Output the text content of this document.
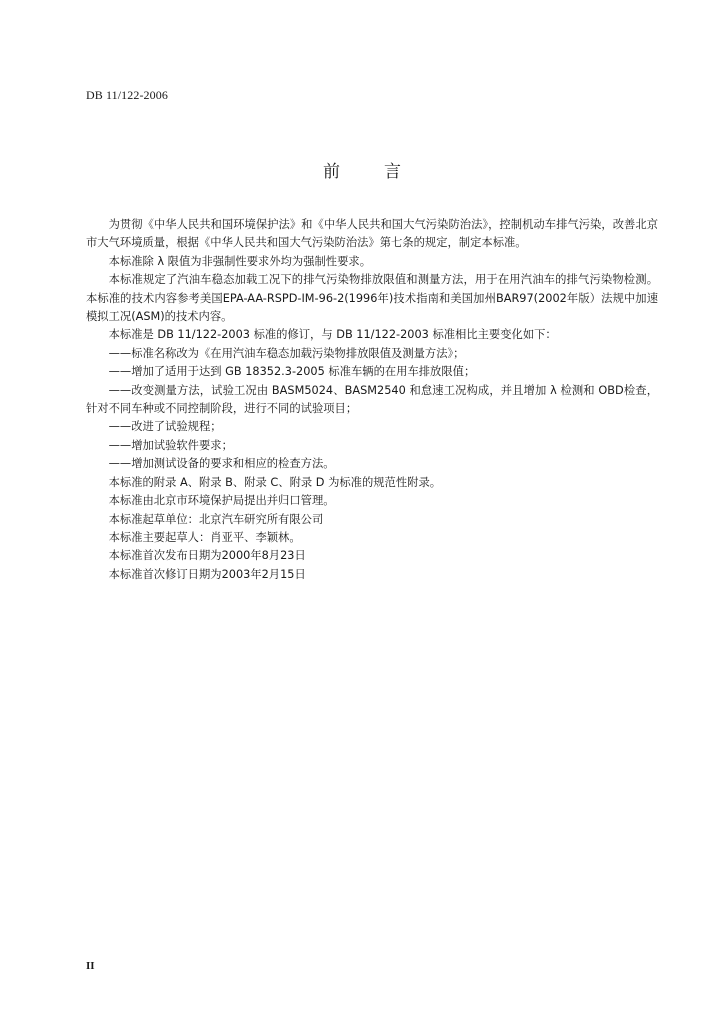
DB 11/122-2006
前	言

为贯彻《中华人民共和国环境保护法》和《中华人民共和国大气污染防治法》，控制机动车排气污染，改善北京市大气环境质量，根据《中华人民共和国大气污染防治法》第七条的规定，制定本标准。

本标准除 λ 限值为非强制性要求外均为强制性要求。

本标准规定了汽油车稳态加载工况下的排气污染物排放限值和测量方法，用于在用汽油车的排气污染物检测。本标准的技术内容参考美国EPA-AA-RSPD-IM-96-2(1996年)技术指南和美国加州BAR97(2002年版）法规中加速模拟工况(ASM)的技术内容。

本标准是 DB 11/122-2003 标准的修订，与 DB 11/122-2003 标准相比主要变化如下：

——标准名称改为《在用汽油车稳态加载污染物排放限值及测量方法》；

——增加了适用于达到 GB 18352.3-2005 标准车辆的在用车排放限值；

——改变测量方法，试验工况由 BASM5024、BASM2540 和怠速工况构成，并且增加 λ 检测和 OBD检查，针对不同车种或不同控制阶段，进行不同的试验项目；

——改进了试验规程；

——增加试验软件要求；

——增加测试设备的要求和相应的检查方法。

本标准的附录 A、附录 B、附录 C、附录 D 为标准的规范性附录。

本标准由北京市环境保护局提出并归口管理。

本标准起草单位：北京汽车研究所有限公司

本标准主要起草人：肖亚平、李颖林。

本标准首次发布日期为2000年8月23日

本标准首次修订日期为2003年2月15日

II
